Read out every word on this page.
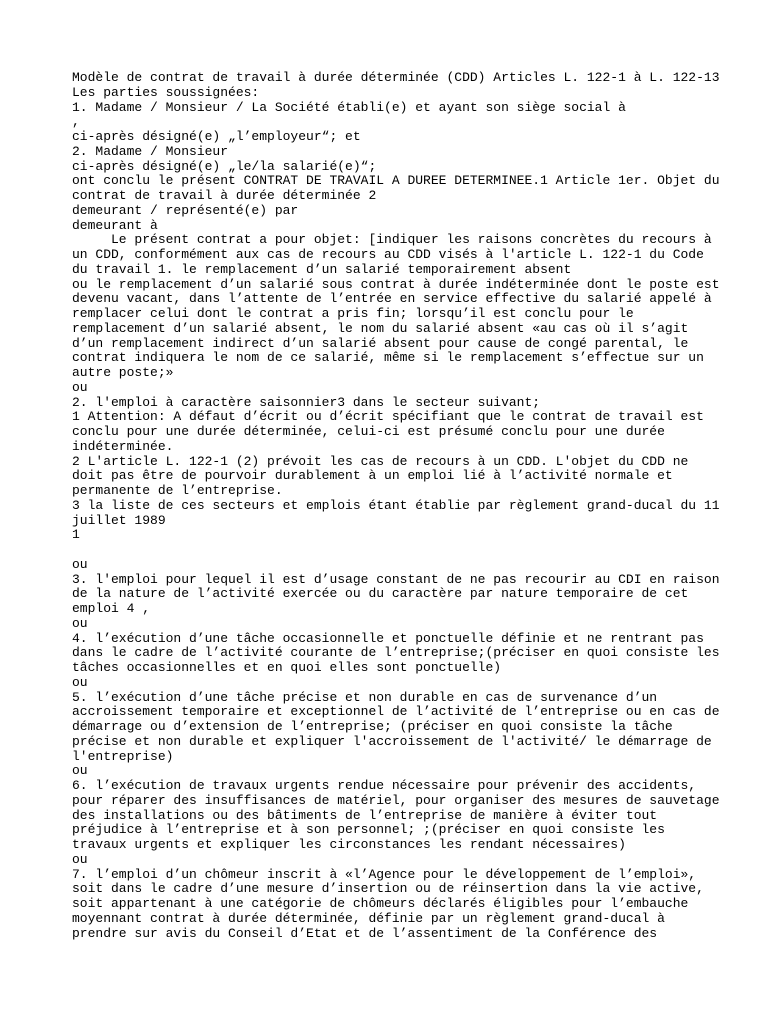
Modèle de contrat de travail à durée déterminée (CDD) Articles L. 122-1 à L. 122-13
Les parties soussignées:
1. Madame / Monsieur / La Société établi(e) et ayant son siège social à
,
ci-après désigné(e) „l’employeur“; et
2. Madame / Monsieur
ci-après désigné(e) „le/la salarié(e)“;
ont conclu le présent CONTRAT DE TRAVAIL A DUREE DETERMINEE.1 Article 1er. Objet du
contrat de travail à durée déterminée 2
demeurant / représenté(e) par
demeurant à
Le présent contrat a pour objet: [indiquer les raisons concrètes du recours à
un CDD, conformément aux cas de recours au CDD visés à l'article L. 122-1 du Code
du travail 1. le remplacement d’un salarié temporairement absent
ou le remplacement d’un salarié sous contrat à durée indéterminée dont le poste est
devenu vacant, dans l’attente de l’entrée en service effective du salarié appelé à
remplacer celui dont le contrat a pris fin; lorsqu’il est conclu pour le
remplacement d’un salarié absent, le nom du salarié absent «au cas où il s’agit
d’un remplacement indirect d’un salarié absent pour cause de congé parental, le
contrat indiquera le nom de ce salarié, même si le remplacement s’effectue sur un
autre poste;»
ou
2. l'emploi à caractère saisonnier3 dans le secteur suivant;
1 Attention: A défaut d’écrit ou d’écrit spécifiant que le contrat de travail est
conclu pour une durée déterminée, celui-ci est présumé conclu pour une durée
indéterminée.
2 L'article L. 122-1 (2) prévoit les cas de recours à un CDD. L'objet du CDD ne
doit pas être de pourvoir durablement à un emploi lié à l’activité normale et
permanente de l’entreprise.
3 la liste de ces secteurs et emplois étant établie par règlement grand-ducal du 11
juillet 1989
1
ou
3. l'emploi pour lequel il est d’usage constant de ne pas recourir au CDI en raison
de la nature de l’activité exercée ou du caractère par nature temporaire de cet
emploi 4 ,
ou
4. l’exécution d’une tâche occasionnelle et ponctuelle définie et ne rentrant pas
dans le cadre de l’activité courante de l’entreprise;(préciser en quoi consiste les
tâches occasionnelles et en quoi elles sont ponctuelle)
ou
5. l’exécution d’une tâche précise et non durable en cas de survenance d’un
accroissement temporaire et exceptionnel de l’activité de l’entreprise ou en cas de
démarrage ou d’extension de l’entreprise; (préciser en quoi consiste la tâche
précise et non durable et expliquer l'accroissement de l'activité/ le démarrage de
l'entreprise)
ou
6. l’exécution de travaux urgents rendue nécessaire pour prévenir des accidents,
pour réparer des insuffisances de matériel, pour organiser des mesures de sauvetage
des installations ou des bâtiments de l’entreprise de manière à éviter tout
préjudice à l’entreprise et à son personnel; ;(préciser en quoi consiste les
travaux urgents et expliquer les circonstances les rendant nécessaires)
ou
7. l’emploi d’un chômeur inscrit à «l’Agence pour le développement de l’emploi»,
soit dans le cadre d’une mesure d’insertion ou de réinsertion dans la vie active,
soit appartenant à une catégorie de chômeurs déclarés éligibles pour l’embauche
moyennant contrat à durée déterminée, définie par un règlement grand-ducal à
prendre sur avis du Conseil d’Etat et de l’assentiment de la Conférence des
